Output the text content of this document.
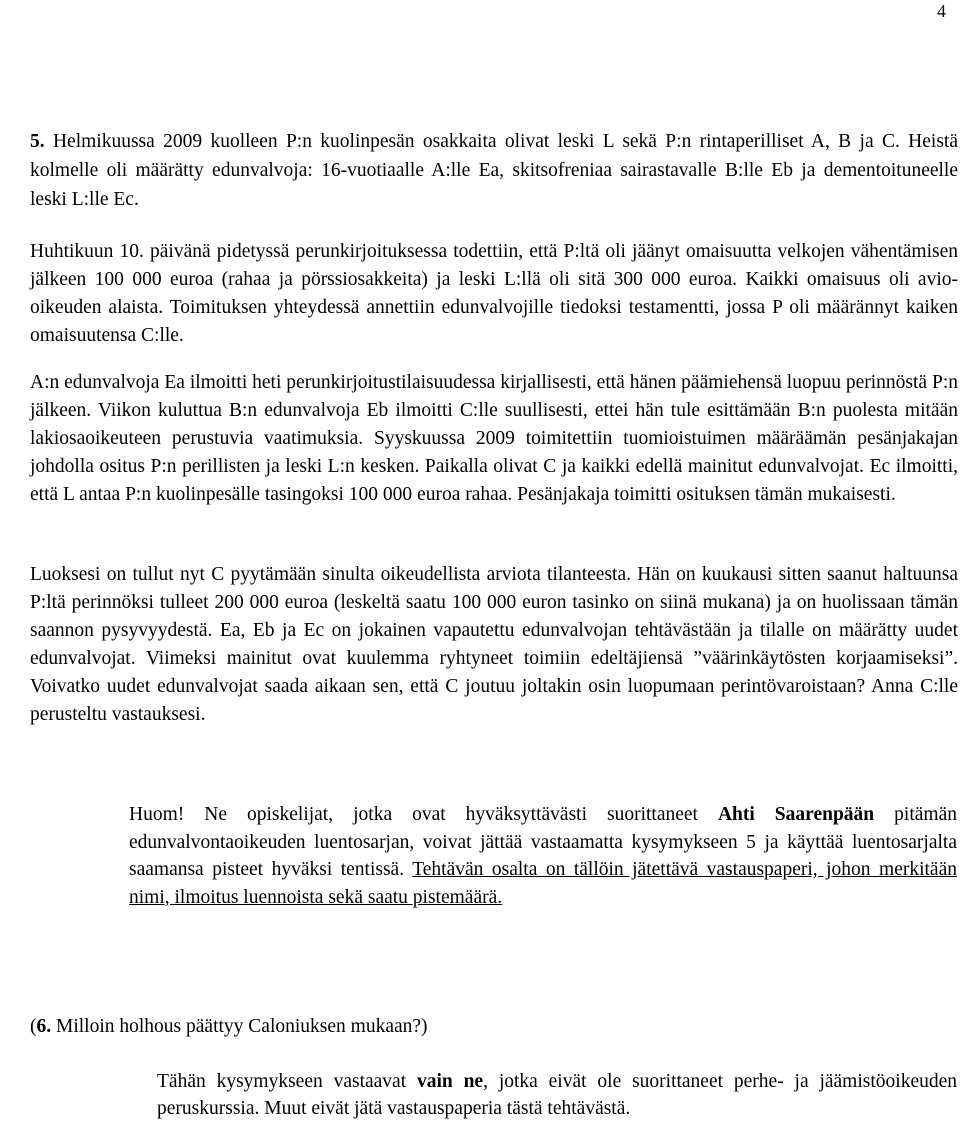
4

5. Helmikuussa 2009 kuolleen P:n kuolinpesän osakkaita olivat leski L sekä P:n rintaperilliset A, B ja C. Heistä kolmelle oli määrätty edunvalvoja: 16-vuotiaalle A:lle Ea, skitsofreniaa sairastavalle B:lle Eb ja dementoituneelle leski L:lle Ec.

Huhtikuun 10. päivänä pidetyssä perunkirjoituksessa todettiin, että P:ltä oli jäänyt omaisuutta velkojen vähentämisen jälkeen 100 000 euroa (rahaa ja pörssiosakkeita) ja leski L:llä oli sitä 300 000 euroa. Kaikki omaisuus oli avio-oikeuden alaista. Toimituksen yhteydessä annettiin edunvalvojille tiedoksi testamentti, jossa P oli määrännyt kaiken omaisuutensa C:lle.

A:n edunvalvoja Ea ilmoitti heti perunkirjoitustilaisuudessa kirjallisesti, että hänen päämiehensä luopuu perinnöstä P:n jälkeen. Viikon kuluttua B:n edunvalvoja Eb ilmoitti C:lle suullisesti, ettei hän tule esittämään B:n puolesta mitään lakiosaoikeuteen perustuvia vaatimuksia. Syyskuussa 2009 toimitettiin tuomioistuimen määräämän pesänjakajan johdolla ositus P:n perillisten ja leski L:n kesken. Paikalla olivat C ja kaikki edellä mainitut edunvalvojat. Ec ilmoitti, että L antaa P:n kuolinpesälle tasingoksi 100 000 euroa rahaa. Pesänjakaja toimitti osituksen tämän mukaisesti.

Luoksesi on tullut nyt C pyytämään sinulta oikeudellista arviota tilanteesta. Hän on kuukausi sitten saanut haltuunsa P:ltä perinnöksi tulleet 200 000 euroa (leskeltä saatu 100 000 euron tasinko on siinä mukana) ja on huolissaan tämän saannon pysyvyydestä. Ea, Eb ja Ec on jokainen vapautettu edunvalvojan tehtävästään ja tilalle on määrätty uudet edunvalvojat. Viimeksi mainitut ovat kuulemma ryhtyneet toimiin edeltäjiensä ”väärinkäytösten korjaamiseksi”. Voivatko uudet edunvalvojat saada aikaan sen, että C joutuu joltakin osin luopumaan perintövaroistaan? Anna C:lle perusteltu vastauksesi.

Huom! Ne opiskelijat, jotka ovat hyväksyttävästi suorittaneet Ahti Saarenpään pitämän edunvalvontaoikeuden luentosarjan, voivat jättää vastaamatta kysymykseen 5 ja käyttää luentosarjalta saamansa pisteet hyväksi tentissä. Tehtävän osalta on tällöin jätettävä vastauspaperi, johon merkitään nimi, ilmoitus luennoista sekä saatu pistemäärä.

(6. Milloin holhous päättyy Caloniuksen mukaan?)

Tähän kysymykseen vastaavat vain ne, jotka eivät ole suorittaneet perhe- ja jäämistöoikeuden peruskurssia. Muut eivät jätä vastauspaperia tästä tehtävästä.
